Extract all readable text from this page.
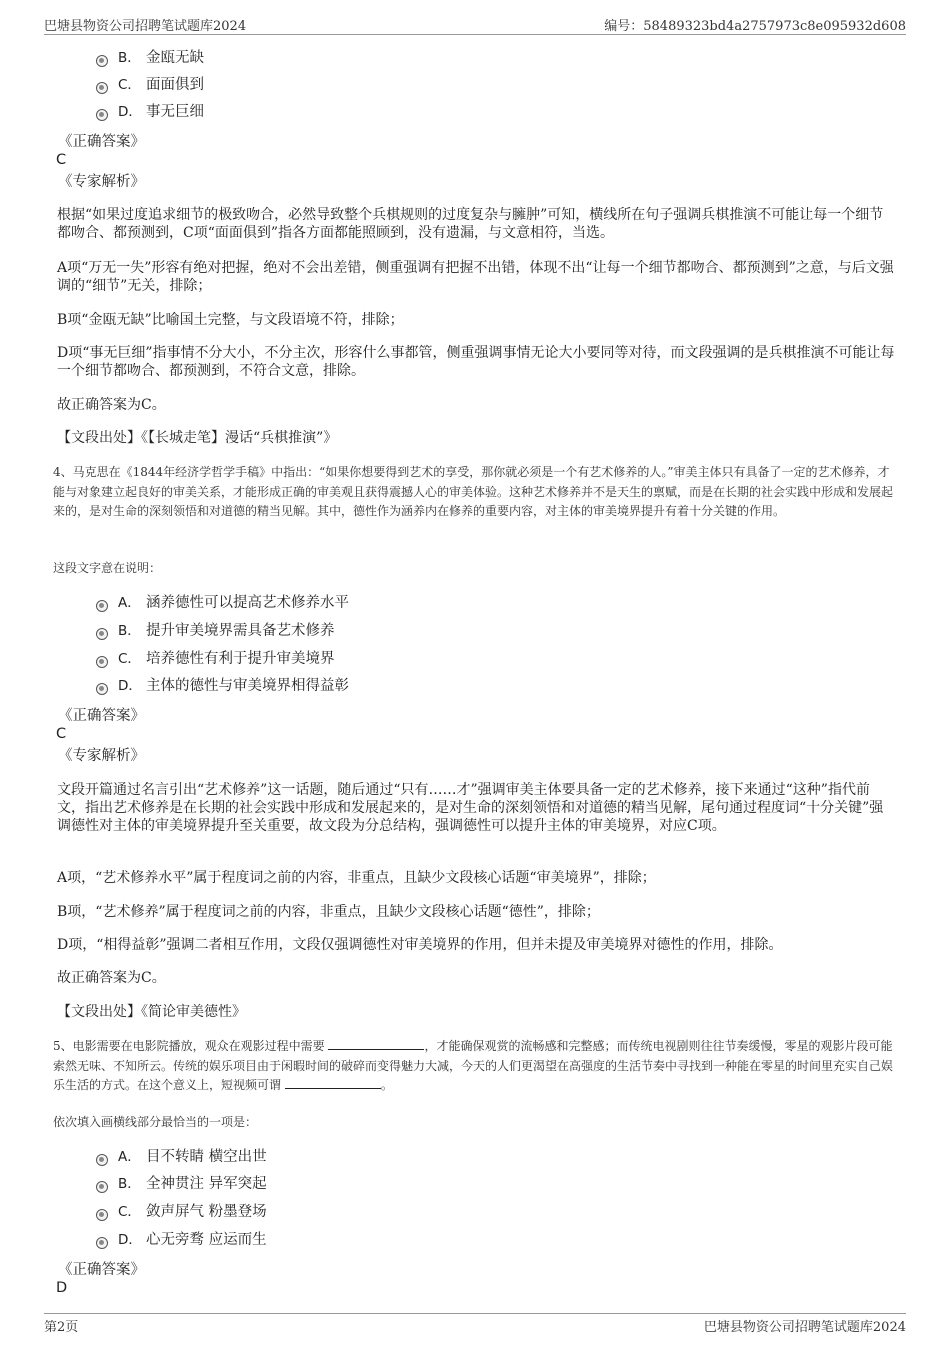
巴塘县物资公司招聘笔试题库2024	编号：58489323bd4a2757973c8e095932d608
B． 金瓯无缺
C． 面面俱到
D． 事无巨细
《正确答案》
C
《专家解析》
根据“如果过度追求细节的极致吻合，必然导致整个兵棋规则的过度复杂与臃肿”可知，横线所在句子强调兵棋推演不可能让每一个细节都吻合、都预测到，C项“面面俱到”指各方面都能照顾到，没有遗漏，与文意相符，当选。
A项“万无一失”形容有绝对把握，绝对不会出差错，侧重强调有把握不出错，体现不出“让每一个细节都吻合、都预测到”之意，与后文强调的“细节”无关，排除；
B项“金瓯无缺”比喻国土完整，与文段语境不符，排除；
D项“事无巨细”指事情不分大小，不分主次，形容什么事都管，侧重强调事情无论大小要同等对待，而文段强调的是兵棋推演不可能让每一个细节都吻合、都预测到，不符合文意，排除。
故正确答案为C。
【文段出处】《【长城走笔】漫话“兵棋推演”》
4、马克思在《1844年经济学哲学手稿》中指出：“如果你想要得到艺术的享受，那你就必须是一个有艺术修养的人。”审美主体只有具备了一定的艺术修养，才能与对象建立起良好的审美关系，才能形成正确的审美观且获得震撼人心的审美体验。这种艺术修养并不是天生的禀赋，而是在长期的社会实践中形成和发展起来的，是对生命的深刻领悟和对道德的精当见解。其中，德性作为涵养内在修养的重要内容，对主体的审美境界提升有着十分关键的作用。
这段文字意在说明：
A． 涵养德性可以提高艺术修养水平
B． 提升审美境界需具备艺术修养
C． 培养德性有利于提升审美境界
D． 主体的德性与审美境界相得益彰
《正确答案》
C
《专家解析》
文段开篇通过名言引出“艺术修养”这一话题，随后通过“只有……才”强调审美主体要具备一定的艺术修养，接下来通过“这种”指代前文，指出艺术修养是在长期的社会实践中形成和发展起来的，是对生命的深刻领悟和对道德的精当见解，尾句通过程度词“十分关键”强调德性对主体的审美境界提升至关重要，故文段为分总结构，强调德性可以提升主体的审美境界，对应C项。
A项，“艺术修养水平”属于程度词之前的内容，非重点，且缺少文段核心话题“审美境界”，排除；
B项，“艺术修养”属于程度词之前的内容，非重点，且缺少文段核心话题“德性”，排除；
D项，“相得益彰”强调二者相互作用，文段仅强调德性对审美境界的作用，但并未提及审美境界对德性的作用，排除。
故正确答案为C。
【文段出处】《简论审美德性》
5、电影需要在电影院播放，观众在观影过程中需要	，才能确保观赏的流畅感和完整感；而传统电视剧则往往节奏缓慢，零星的观影片段可能索然无味、不知所云。传统的娱乐项目由于闲暇时间的破碎而变得魅力大减，今天的人们更渴望在高强度的生活节奏中寻找到一种能在零星的时间里充实自己娱乐生活的方式。在这个意义上，短视频可谓	。
依次填入画横线部分最恰当的一项是：
A． 目不转睛 横空出世
B． 全神贯注 异军突起
C． 敛声屏气 粉墨登场
D． 心无旁骛 应运而生
《正确答案》
D
第2页	巴塘县物资公司招聘笔试题库2024
